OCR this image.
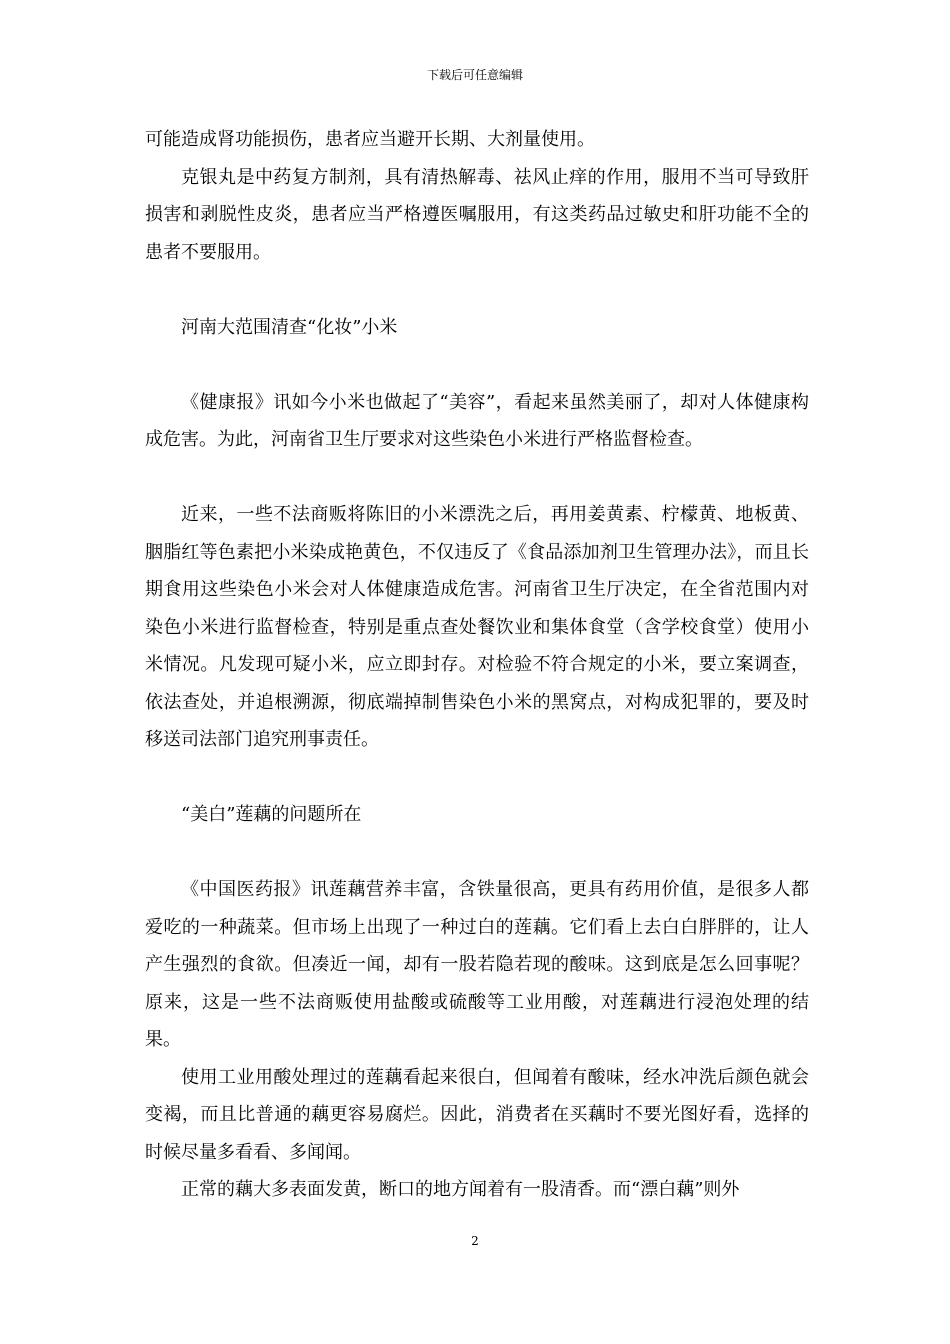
下载后可任意编辑

可能造成肾功能损伤，患者应当避开长期、大剂量使用。

克银丸是中药复方制剂，具有清热解毒、祛风止痒的作用，服用不当可导致肝损害和剥脱性皮炎，患者应当严格遵医嘱服用，有这类药品过敏史和肝功能不全的患者不要服用。

河南大范围清查“化妆”小米

《健康报》讯如今小米也做起了“美容”，看起来虽然美丽了，却对人体健康构成危害。为此，河南省卫生厅要求对这些染色小米进行严格监督检查。

近来，一些不法商贩将陈旧的小米漂洗之后，再用姜黄素、柠檬黄、地板黄、胭脂红等色素把小米染成艳黄色，不仅违反了《食品添加剂卫生管理办法》，而且长期食用这些染色小米会对人体健康造成危害。河南省卫生厅决定，在全省范围内对染色小米进行监督检查，特别是重点查处餐饮业和集体食堂（含学校食堂）使用小米情况。凡发现可疑小米，应立即封存。对检验不符合规定的小米，要立案调查，依法查处，并追根溯源，彻底端掉制售染色小米的黑窝点，对构成犯罪的，要及时移送司法部门追究刑事责任。

“美白”莲藕的问题所在

《中国医药报》讯莲藕营养丰富，含铁量很高，更具有药用价值，是很多人都爱吃的一种蔬菜。但市场上出现了一种过白的莲藕。它们看上去白白胖胖的，让人产生强烈的食欲。但凑近一闻，却有一股若隐若现的酸味。这到底是怎么回事呢？原来，这是一些不法商贩使用盐酸或硫酸等工业用酸，对莲藕进行浸泡处理的结果。

使用工业用酸处理过的莲藕看起来很白，但闻着有酸味，经水冲洗后颜色就会变褐，而且比普通的藕更容易腐烂。因此，消费者在买藕时不要光图好看，选择的时候尽量多看看、多闻闻。

正常的藕大多表面发黄，断口的地方闻着有一股清香。而“漂白藕”则外

2
